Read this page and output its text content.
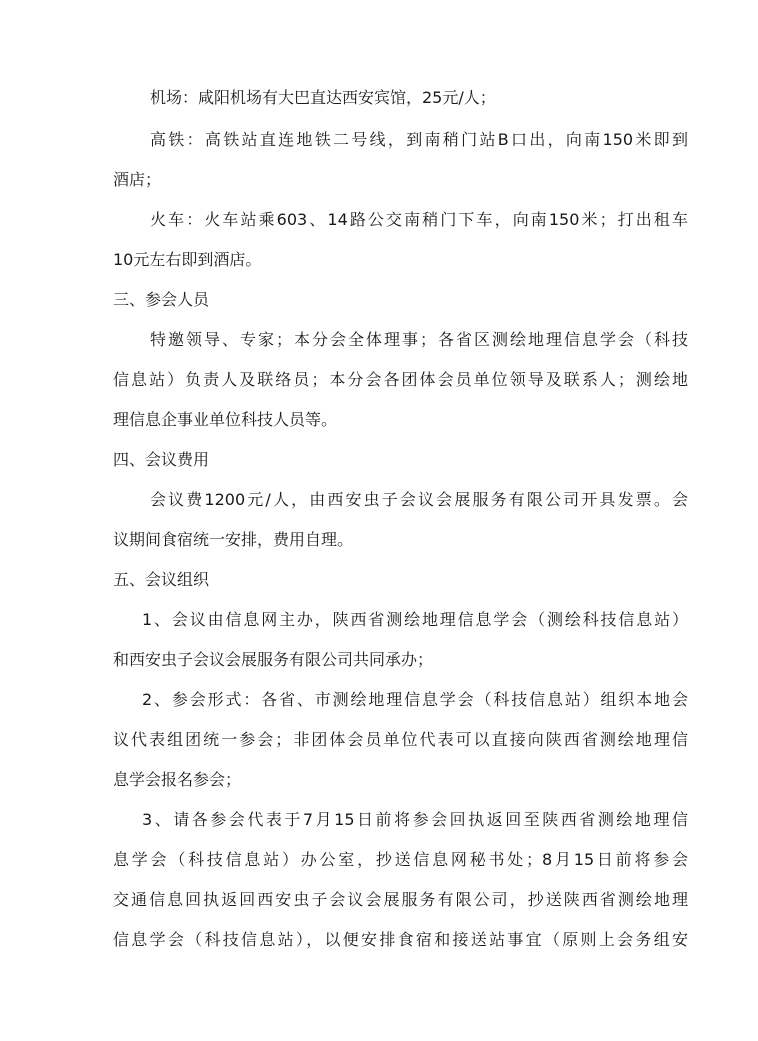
机场：咸阳机场有大巴直达西安宾馆，25元/人；
高铁：高铁站直连地铁二号线，到南稍门站B口出，向南150米即到
酒店；
火车：火车站乘603、14路公交南稍门下车，向南150米；打出租车
10元左右即到酒店。
三、参会人员
特邀领导、专家；本分会全体理事；各省区测绘地理信息学会（科技
信息站）负责人及联络员；本分会各团体会员单位领导及联系人；测绘地
理信息企事业单位科技人员等。
四、会议费用
会议费1200元/人，由西安虫子会议会展服务有限公司开具发票。会
议期间食宿统一安排，费用自理。
五、会议组织
1、会议由信息网主办，陕西省测绘地理信息学会（测绘科技信息站）
和西安虫子会议会展服务有限公司共同承办；
2、参会形式：各省、市测绘地理信息学会（科技信息站）组织本地会
议代表组团统一参会；非团体会员单位代表可以直接向陕西省测绘地理信
息学会报名参会；
3、请各参会代表于7月15日前将参会回执返回至陕西省测绘地理信
息学会（科技信息站）办公室，抄送信息网秘书处；8月15日前将参会
交通信息回执返回西安虫子会议会展服务有限公司，抄送陕西省测绘地理
信息学会（科技信息站），以便安排食宿和接送站事宜（原则上会务组安
